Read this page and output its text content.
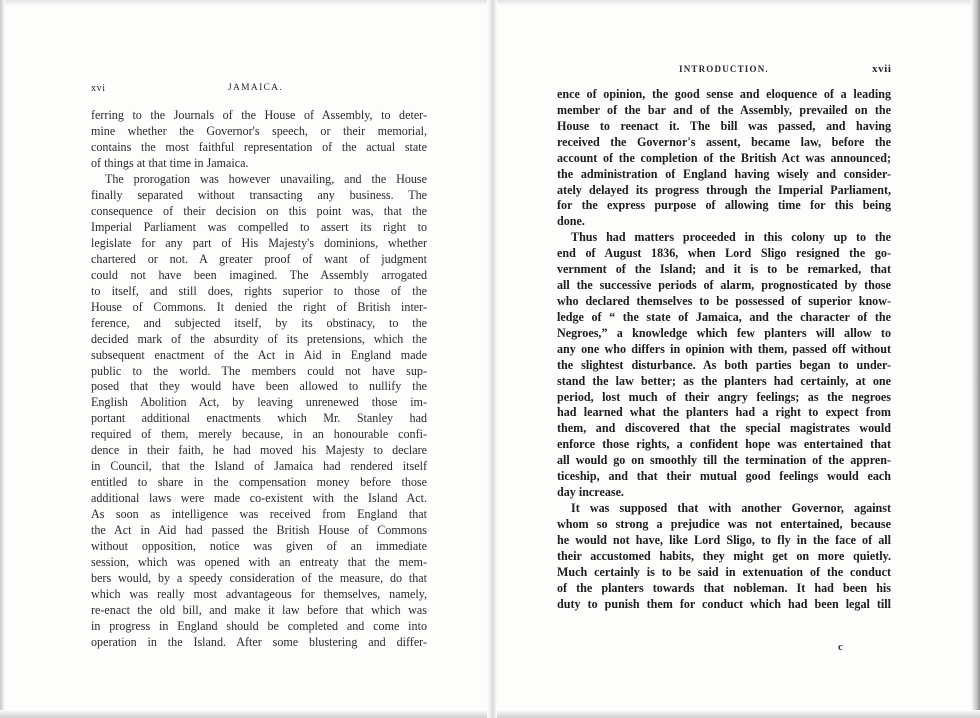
xvi	JAMAICA.
ferring to the Journals of the House of Assembly, to deter-
mine whether the Governor's speech, or their memorial,
contains the most faithful representation of the actual state
of things at that time in Jamaica.
The prorogation was however unavailing, and the House
finally separated without transacting any business. The
consequence of their decision on this point was, that the
Imperial Parliament was compelled to assert its right to
legislate for any part of His Majesty's dominions, whether
chartered or not. A greater proof of want of judgment
could not have been imagined. The Assembly arrogated
to itself, and still does, rights superior to those of the
House of Commons. It denied the right of British inter-
ference, and subjected itself, by its obstinacy, to the
decided mark of the absurdity of its pretensions, which the
subsequent enactment of the Act in Aid in England made
public to the world. The members could not have sup-
posed that they would have been allowed to nullify the
English Abolition Act, by leaving unrenewed those im-
portant additional enactments which Mr. Stanley had
required of them, merely because, in an honourable confi-
dence in their faith, he had moved his Majesty to declare
in Council, that the Island of Jamaica had rendered itself
entitled to share in the compensation money before those
additional laws were made co-existent with the Island Act.
As soon as intelligence was received from England that
the Act in Aid had passed the British House of Commons
without opposition, notice was given of an immediate
session, which was opened with an entreaty that the mem-
bers would, by a speedy consideration of the measure, do that
which was really most advantageous for themselves, namely,
re-enact the old bill, and make it law before that which was
in progress in England should be completed and come into
operation in the Island. After some blustering and differ-
INTRODUCTION.	xvii
ence of opinion, the good sense and eloquence of a leading
member of the bar and of the Assembly, prevailed on the
House to reenact it. The bill was passed, and having
received the Governor's assent, became law, before the
account of the completion of the British Act was announced;
the administration of England having wisely and consider-
ately delayed its progress through the Imperial Parliament,
for the express purpose of allowing time for this being
done.
Thus had matters proceeded in this colony up to the
end of August 1836, when Lord Sligo resigned the go-
vernment of the Island; and it is to be remarked, that
all the successive periods of alarm, prognosticated by those
who declared themselves to be possessed of superior know-
ledge of “ the state of Jamaica, and the character of the
Negroes,” a knowledge which few planters will allow to
any one who differs in opinion with them, passed off without
the slightest disturbance. As both parties began to under-
stand the law better; as the planters had certainly, at one
period, lost much of their angry feelings; as the negroes
had learned what the planters had a right to expect from
them, and discovered that the special magistrates would
enforce those rights, a confident hope was entertained that
all would go on smoothly till the termination of the appren-
ticeship, and that their mutual good feelings would each
day increase.
It was supposed that with another Governor, against
whom so strong a prejudice was not entertained, because
he would not have, like Lord Sligo, to fly in the face of all
their accustomed habits, they might get on more quietly.
Much certainly is to be said in extenuation of the conduct
of the planters towards that nobleman. It had been his
duty to punish them for conduct which had been legal till
c
